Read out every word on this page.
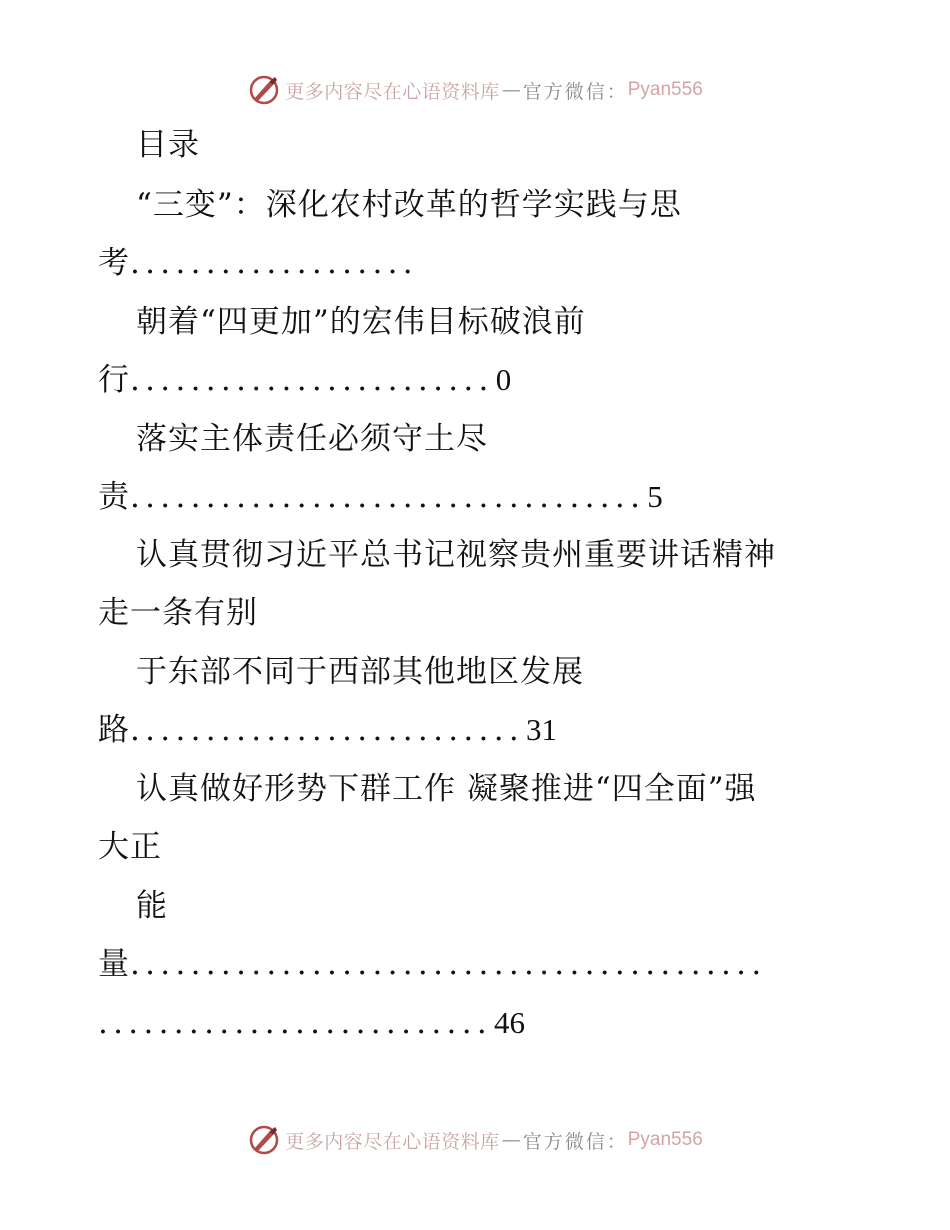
更多内容尽在心语资料库 — 官方微信： Pyan556
目录
“三变”：深化农村改革的哲学实践与思
考...................
朝着“四更加”的宏伟目标破浪前
行........................0
落实主体责任必须守土尽
责..................................5
认真贯彻习近平总书记视察贵州重要讲话精神
走一条有别
于东部不同于西部其他地区发展
路..........................31
认真做好形势下群工作 凝聚推进“四全面”强
大正
能
量..........................................
..........................46
更多内容尽在心语资料库 — 官方微信： Pyan556
